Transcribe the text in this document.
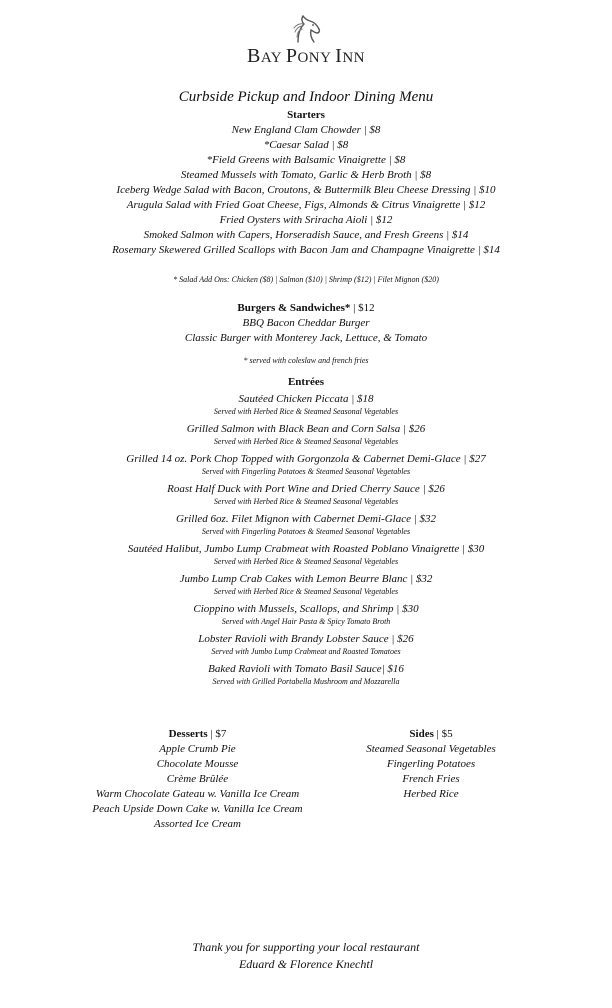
BAY PONY INN
Curbside Pickup and Indoor Dining Menu
Starters
New England Clam Chowder | $8
*Caesar Salad | $8
*Field Greens with Balsamic Vinaigrette | $8
Steamed Mussels with Tomato, Garlic & Herb Broth | $8
Iceberg Wedge Salad with Bacon, Croutons, & Buttermilk Bleu Cheese Dressing | $10
Arugula Salad with Fried Goat Cheese, Figs, Almonds & Citrus Vinaigrette | $12
Fried Oysters with Sriracha Aioli | $12
Smoked Salmon with Capers, Horseradish Sauce, and Fresh Greens | $14
Rosemary Skewered Grilled Scallops with Bacon Jam and Champagne Vinaigrette | $14
* Salad Add Ons: Chicken ($8) | Salmon ($10) | Shrimp ($12) | Filet Mignon ($20)
Burgers & Sandwiches* | $12
BBQ Bacon Cheddar Burger
Classic Burger with Monterey Jack, Lettuce, & Tomato
* served with coleslaw and french fries
Entrées
Sautéed Chicken Piccata | $18
Served with Herbed Rice & Steamed Seasonal Vegetables
Grilled Salmon with Black Bean and Corn Salsa | $26
Served with Herbed Rice & Steamed Seasonal Vegetables
Grilled 14 oz. Pork Chop Topped with Gorgonzola & Cabernet Demi-Glace | $27
Served with Fingerling Potatoes & Steamed Seasonal Vegetables
Roast Half Duck with Port Wine and Dried Cherry Sauce | $26
Served with Herbed Rice & Steamed Seasonal Vegetables
Grilled 6oz. Filet Mignon with Cabernet Demi-Glace | $32
Served with Fingerling Potatoes & Steamed Seasonal Vegetables
Sautéed Halibut, Jumbo Lump Crabmeat with Roasted Poblano Vinaigrette | $30
Served with Herbed Rice & Steamed Seasonal Vegetables
Jumbo Lump Crab Cakes with Lemon Beurre Blanc | $32
Served with Herbed Rice & Steamed Seasonal Vegetables
Cioppino with Mussels, Scallops, and Shrimp | $30
Served with Angel Hair Pasta & Spicy Tomato Broth
Lobster Ravioli with Brandy Lobster Sauce | $26
Served with Jumbo Lump Crabmeat and Roasted Tomatoes
Baked Ravioli with Tomato Basil Sauce| $16
Served with Grilled Portabella Mushroom and Mozzarella
Desserts | $7
Apple Crumb Pie
Chocolate Mousse
Crème Brûlée
Warm Chocolate Gateau w. Vanilla Ice Cream
Peach Upside Down Cake w. Vanilla Ice Cream
Assorted Ice Cream
Sides | $5
Steamed Seasonal Vegetables
Fingerling Potatoes
French Fries
Herbed Rice
Thank you for supporting your local restaurant
Eduard & Florence Knechtl
